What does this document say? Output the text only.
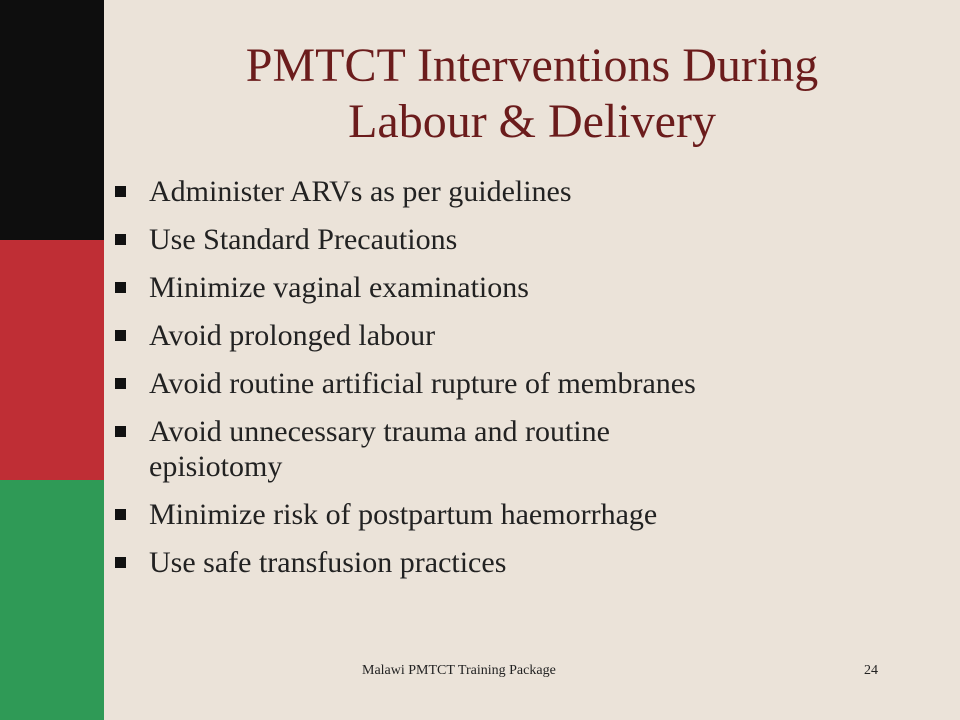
PMTCT Interventions During
Labour & Delivery
Administer ARVs as per guidelines
Use Standard Precautions
Minimize vaginal examinations
Avoid prolonged labour
Avoid routine artificial rupture of membranes
Avoid unnecessary trauma and routine episiotomy
Minimize risk of postpartum haemorrhage
Use safe transfusion practices
Malawi PMTCT Training Package	24
